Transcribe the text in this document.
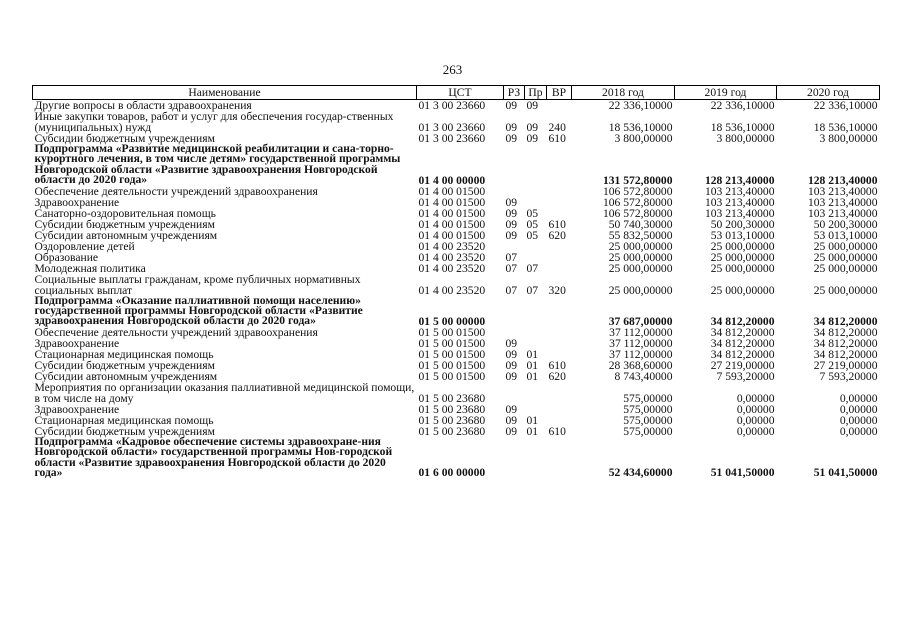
263
Наименование	ЦСТ	РЗ	Пр	ВР	2018 год	2019 год	2020 год
Другие вопросы в области здравоохранения	01 3 00 23660	09	09		22 336,10000	22 336,10000	22 336,10000
Иные закупки товаров, работ и услуг для обеспечения государ-ственных (муниципальных) нужд	01 3 00 23660	09	09	240	18 536,10000	18 536,10000	18 536,10000
Субсидии бюджетным учреждениям	01 3 00 23660	09	09	610	3 800,00000	3 800,00000	3 800,00000
Подпрограмма «Развитие медицинской реабилитации и сана-торно-курортного лечения, в том числе детям» государственной программы Новгородской области «Развитие здравоохранения Новгородской области до 2020 года»	01 4 00 00000				131 572,80000	128 213,40000	128 213,40000
Обеспечение деятельности учреждений здравоохранения	01 4 00 01500				106 572,80000	103 213,40000	103 213,40000
Здравоохранение	01 4 00 01500	09			106 572,80000	103 213,40000	103 213,40000
Санаторно-оздоровительная помощь	01 4 00 01500	09	05		106 572,80000	103 213,40000	103 213,40000
Субсидии бюджетным учреждениям	01 4 00 01500	09	05	610	50 740,30000	50 200,30000	50 200,30000
Субсидии автономным учреждениям	01 4 00 01500	09	05	620	55 832,50000	53 013,10000	53 013,10000
Оздоровление детей	01 4 00 23520				25 000,00000	25 000,00000	25 000,00000
Образование	01 4 00 23520	07			25 000,00000	25 000,00000	25 000,00000
Молодежная политика	01 4 00 23520	07	07		25 000,00000	25 000,00000	25 000,00000
Социальные выплаты гражданам, кроме публичных нормативных социальных выплат	01 4 00 23520	07	07	320	25 000,00000	25 000,00000	25 000,00000
Подпрограмма «Оказание паллиативной помощи населению» государственной программы Новгородской области «Развитие здравоохранения Новгородской области до 2020 года»	01 5 00 00000				37 687,00000	34 812,20000	34 812,20000
Обеспечение деятельности учреждений здравоохранения	01 5 00 01500				37 112,00000	34 812,20000	34 812,20000
Здравоохранение	01 5 00 01500	09			37 112,00000	34 812,20000	34 812,20000
Стационарная медицинская помощь	01 5 00 01500	09	01		37 112,00000	34 812,20000	34 812,20000
Субсидии бюджетным учреждениям	01 5 00 01500	09	01	610	28 368,60000	27 219,00000	27 219,00000
Субсидии автономным учреждениям	01 5 00 01500	09	01	620	8 743,40000	7 593,20000	7 593,20000
Мероприятия по организации оказания паллиативной медицинской помощи, в том числе на дому	01 5 00 23680				575,00000	0,00000	0,00000
Здравоохранение	01 5 00 23680	09			575,00000	0,00000	0,00000
Стационарная медицинская помощь	01 5 00 23680	09	01		575,00000	0,00000	0,00000
Субсидии бюджетным учреждениям	01 5 00 23680	09	01	610	575,00000	0,00000	0,00000
Подпрограмма «Кадровое обеспечение системы здравоохране-ния Новгородской области» государственной программы Нов-городской области «Развитие здравоохранения Новгородской области до 2020 года»	01 6 00 00000				52 434,60000	51 041,50000	51 041,50000
